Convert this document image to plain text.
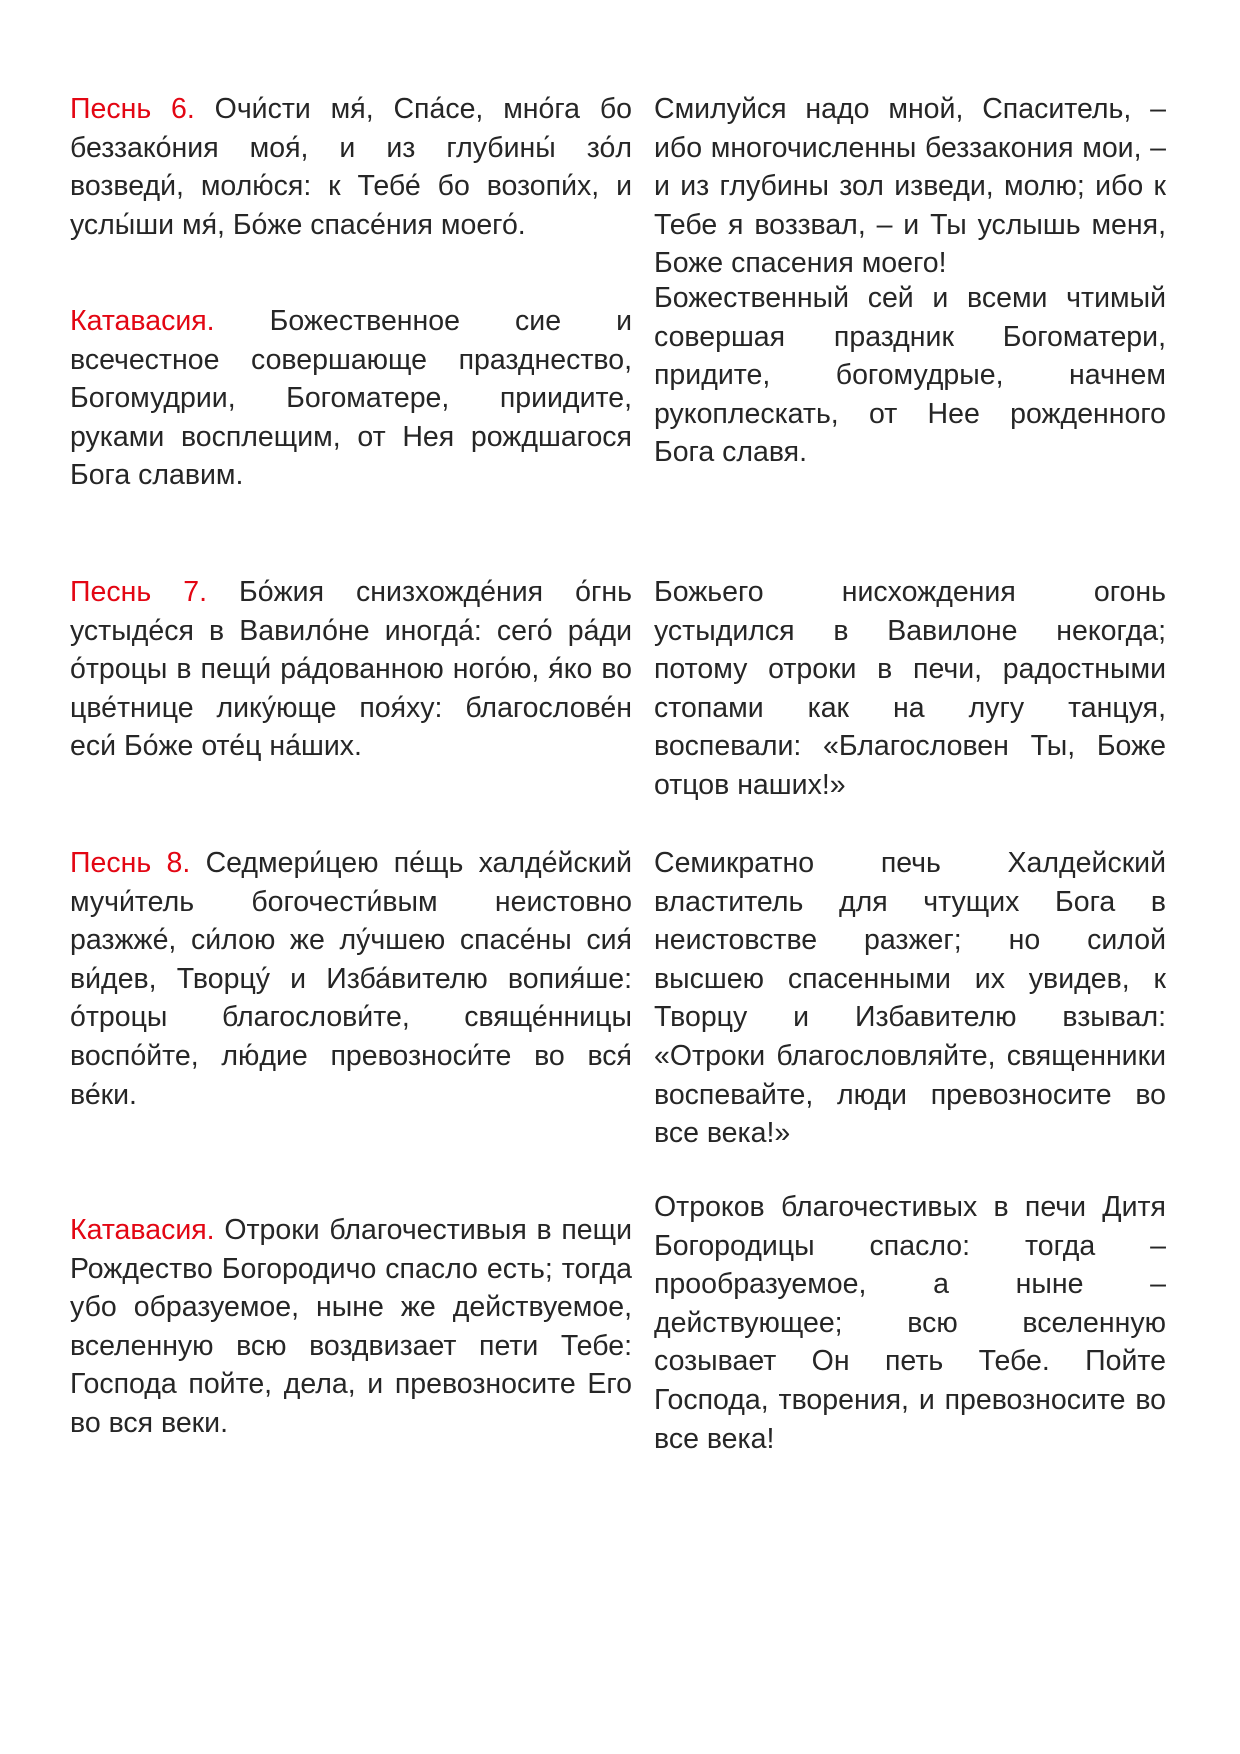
Песнь 6. Очи́сти мя́, Спа́се, мно́га бо беззако́ния моя́, и из глубины́ зо́л возведи́, молю́ся: к Тебе́ бо возопи́х, и услы́ши мя́, Бо́же спасе́ния моего́.

Смилуйся надо мной, Спаситель, – ибо многочисленны беззакония мои, – и из глубины зол изведи, молю; ибо к Тебе я воззвал, – и Ты услышь меня, Боже спасения моего!

Катавасия. Божественное сие и всечестное совершающе празднество, Богомудрии, Богоматере, приидите, руками восплещим, от Нея рождшагося Бога славим.

Божественный сей и всеми чтимый совершая праздник Богоматери, придите, богомудрые, начнем рукоплескать, от Нее рожденного Бога славя.

Песнь 7. Бо́жия снизхожде́ния о́гнь устыде́ся в Вавило́не иногда́: сего́ ра́ди о́троцы в пещи́ ра́дованною ного́ю, я́ко во цве́тнице лику́юще поя́ху: благослове́н еси́ Бо́же оте́ц на́ших.

Божьего нисхождения огонь устыдился в Вавилоне некогда; потому отроки в печи, радостными стопами как на лугу танцуя, воспевали: «Благословен Ты, Боже отцов наших!»

Песнь 8. Седмери́цею пе́щь халде́йский мучи́тель богочести́вым неистовно разжже́, си́лою же лу́чшею спасе́ны сия́ ви́дев, Творцу́ и Изба́вителю вопия́ше: о́троцы благослови́те, свяще́нницы воспо́йте, лю́дие превозноси́те во вся́ ве́ки.

Семикратно печь Халдейский властитель для чтущих Бога в неистовстве разжег; но силой высшею спасенными их увидев, к Творцу и Избавителю взывал: «Отроки благословляйте, священники воспевайте, люди превозносите во все века!»

Катавасия. Отроки благочестивыя в пещи Рождество Богородичо спасло есть; тогда убо образуемое, ныне же действуемое, вселенную всю воздвизает пети Тебе: Господа пойте, дела, и превозносите Его во вся веки.

Отроков благочестивых в печи Дитя Богородицы спасло: тогда – прообразуемое, а ныне – действующее; всю вселенную созывает Он петь Тебе. Пойте Господа, творения, и превозносите во все века!
